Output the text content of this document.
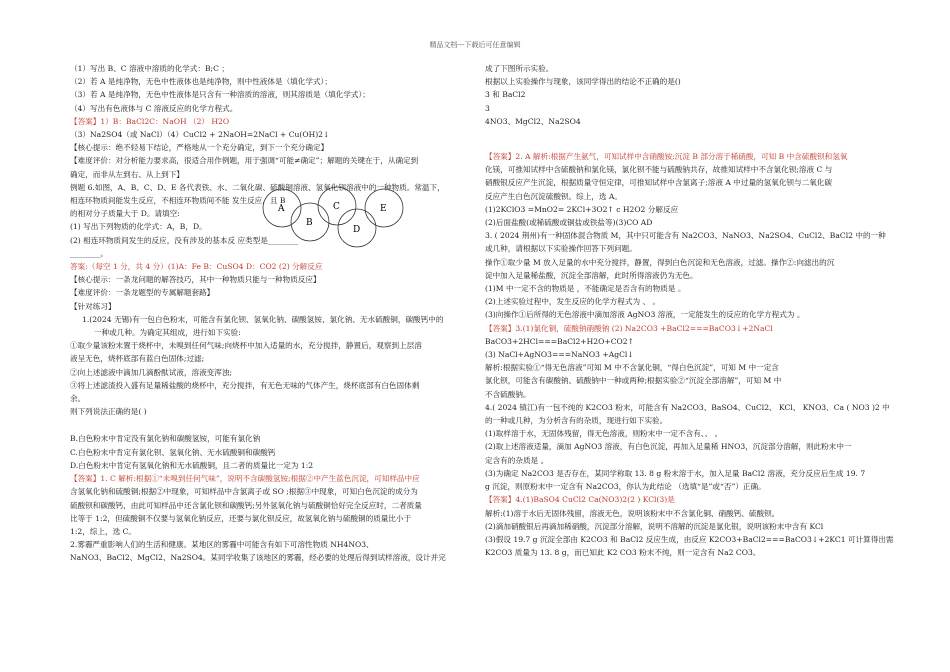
精品文档---下载后可任意编辑

（1）写出 B、C 溶液中溶质的化学式：B;C ；

（2）若 A 是纯净物，无色中性液体也是纯净物，则中性液体是（填化学式）；

（3）若 A 是纯净物，无色中性液体是只含有一种溶质的溶液，则其溶质是（填化学式）；

（4）写出有色液体与 C 溶液反应的化学方程式。

【答案】1）B：BaCl2C：NaOH （2） H2O

（3）Na2SO4（或 NaCl）（4）CuCl2 + 2NaOH=2NaCl + Cu(OH)2↓

【核心提示：绝不轻易下结论，严格地从一个充分确定，到下一个充分确定】

【难度评价：对分析能力要求高，很适合用作例题，用于强调“可能≠确定”；解题的关键在于，从确定到

确定，而非从左到右、从上到下】

例题 6.如图，A、B、C、D、E 各代表铁、水、二氧化碳、硫酸铜溶液、氢氧化钡溶液中的一种物质。常温下，

相连环物质间能发生反应，不相连环物质间不能 发生反应，且 B

的相对分子质量大于 D。请填空:

(1) 写出下列物质的化学式：A，B，D。

(2) 相连环物质间发生的反应，没有涉及的基本反 应类型是________

________。

答案:（每空 1 分，共 4 分）(1)A：Fe B：CuSO4 D：CO2 (2) 分解反应

【核心提示：一条龙问题的解答技巧，其中一种物质只能与一种物质反应】

【难度评价：一条龙题型的专属解题套路】

【针对练习】

1.(2024 无锡)有一包白色粉末，可能含有氯化钡、氢氧化钠、碳酸氢铵、氯化钠、无水硫酸铜，碳酸钙中的

一种或几种。为确定其组成，进行如下实验:

①取少量该粉末置于烧杯中，未嗅到任何气味;向烧杯中加入适量的水，充分搅拌，静置后，观察到上层溶

液呈无色，烧杯底部有蓝白色固体;过滤;

②向上述滤液中滴加几滴酚酞试液，溶液变浑浊;

③将上述滤渣投入盛有足量稀盐酸的烧杯中，充分搅拌，有无色无味的气体产生，烧杯底部有白色固体剩

余。

则下列说法正确的是( )

B.白色粉末中肯定没有氯化钠和碳酸氢铵，可能有氯化钠

C.白色粉末中肯定有氯化钡、氢氧化钠、无水硫酸铜和碳酸钙

D.白色粉末中肯定有氢氧化钠和无水硫酸铜，且二者的质量比一定为 1:2

【答案】1. C 解析:根据①“未嗅到任何气味”，说明不含碳酸氢铵;根据②中产生蓝色沉淀，可知样品中应

含氢氧化钠和硫酸铜;根据②中现象，可知样品中含氯离子或 SO ;根据③中现象，可知白色沉淀的成分为

硫酸钡和碳酸钙，由此可知样品中还含氯化钡和碳酸钙;另外氢氧化钠与硫酸铜恰好完全反应时，二者质量

比等于 1:2，但硫酸铜不仅要与氢氧化钠反应，还要与氯化钡反应，故氢氧化钠与硫酸铜的质量比小于

1:2，综上，选 C。

2.雾霾严重影响人们的生活和健康。某地区的雾霾中可能含有如下可溶性物质 NH4NO3、

NaNO3、BaCl2、MgCl2、Na2SO4。某同学收集了该地区的雾霾，经必要的处理后得到试样溶液，设计并完

成了下图所示实验。

根据以上实验操作与现象，该同学得出的结论不正确的是()

3 和 BaCl2

3

4NO3、MgCl2、Na2SO4

【答案】2. A 解析:根据产生氨气，可知试样中含硝酸铵;沉淀 B 部分溶于稀硝酸，可知 B 中含硫酸钡和氢氧

化镁，可推知试样中含硫酸钠和氯化镁，氯化钡不能与硫酸钠共存，故推知试样中不含氯化钡;溶液 C 与

硝酸银反应产生沉淀，根据质量守恒定律，可推知试样中含氯离子;溶液 A 中过量的氢氧化钡与二氧化碳

反应产生白色沉淀硫酸钡。综上，选 A。

(1)2KClO3 =MnO2= 2KCl+3O2↑ c H2O2 分解反应

(2)后面盐酸(或稀硫酸或铜盐或铁盐等)(3)CO AD

3. ( 2024 荆州)有一种固体混合物质 M，其中只可能含有 Na2CO3、NaNO3、Na2SO4、CuCl2、BaCl2 中的一种

或几种，请根据以下实验操作回答下列问题。

操作①取少量 M 放入足量的水中充分搅拌，静置，得到白色沉淀和无色溶液，过滤。操作②:向滤出的沉

淀中加入足量稀盐酸，沉淀全部溶解，此时所得溶液仍为无色。

(1)M 中一定不含的物质是 ，不能确定是否含有的物质是 。

(2)上述实验过程中，发生反应的化学方程式为 、 。

(3)向操作①后所得的无色溶液中滴加溶液 AgNO3 溶液，一定能发生的反应的化学方程式为 。

【答案】3.(1)氯化铜，硫酸钠硝酸钠 (2) Na2CO3 +BaCl2===BaCO3↓+2NaCl

BaCO3+2HCl===BaCl2+H2O+CO2↑

(3) NaCl+AgNO3===NaNO3 +AgCl↓

解析:根据实验①“得无色溶液”可知 M 中不含氯化铜，“得白色沉淀”，可知 M 中一定含

氯化钡，可能含有碳酸钠、硫酸钠中一种或两种;根据实验②“沉淀全部溶解”，可知 M 中

不含硫酸钠。

4.( 2024 镇江)有一包不纯的 K2CO3 粉末，可能含有 Na2CO3、BaSO4、CuCl2、 KCl、 KNO3、Ca ( NO3 )2 中

的一种或几种，为分析含有的杂质，现进行如下实验。

(1)取样溶于水，无固体残留，得无色溶液，则粉末中一定不含有、、 。

(2)取上述溶液适量，滴加 AgNO3 溶液，有白色沉淀，再加入足量稀 HNO3，沉淀部分溶解，则此粉末中一

定含有的杂质是 。

(3)为确定 Na2CO3 是否存在，某同学称取 13. 8 g 粉末溶于水，加入足量 BaCl2 溶液，充分反应后生成 19. 7

g 沉淀，则原粉末中一定含有 Na2CO3，你认为此结论 （选填“是”或“否”）正确。

【答案】4.(1)BaSO4 CuCl2 Ca(NO3)2(2 ) KCl(3)是

解析:(1)溶于水后无固体残留，溶液无色，说明该粉末中不含氯化铜、硝酸钙、硫酸钡。

(2)滴加硝酸银后再滴加稀硝酸，沉淀部分溶解，说明不溶解的沉淀是氯化银，说明该粉末中含有 KCl

(3)假设 19.7 g 沉淀全部由 K2CO3 和 BaCl2 反应生成，由反应 K2CO3+BaCl2===BaCO3↓+2KC1 可计算得出需

K2CO3 质量为 13. 8 g，而已知此 K2 CO3 粉末不纯，则一定含有 Na2 CO3。

A
B
C
D
E
